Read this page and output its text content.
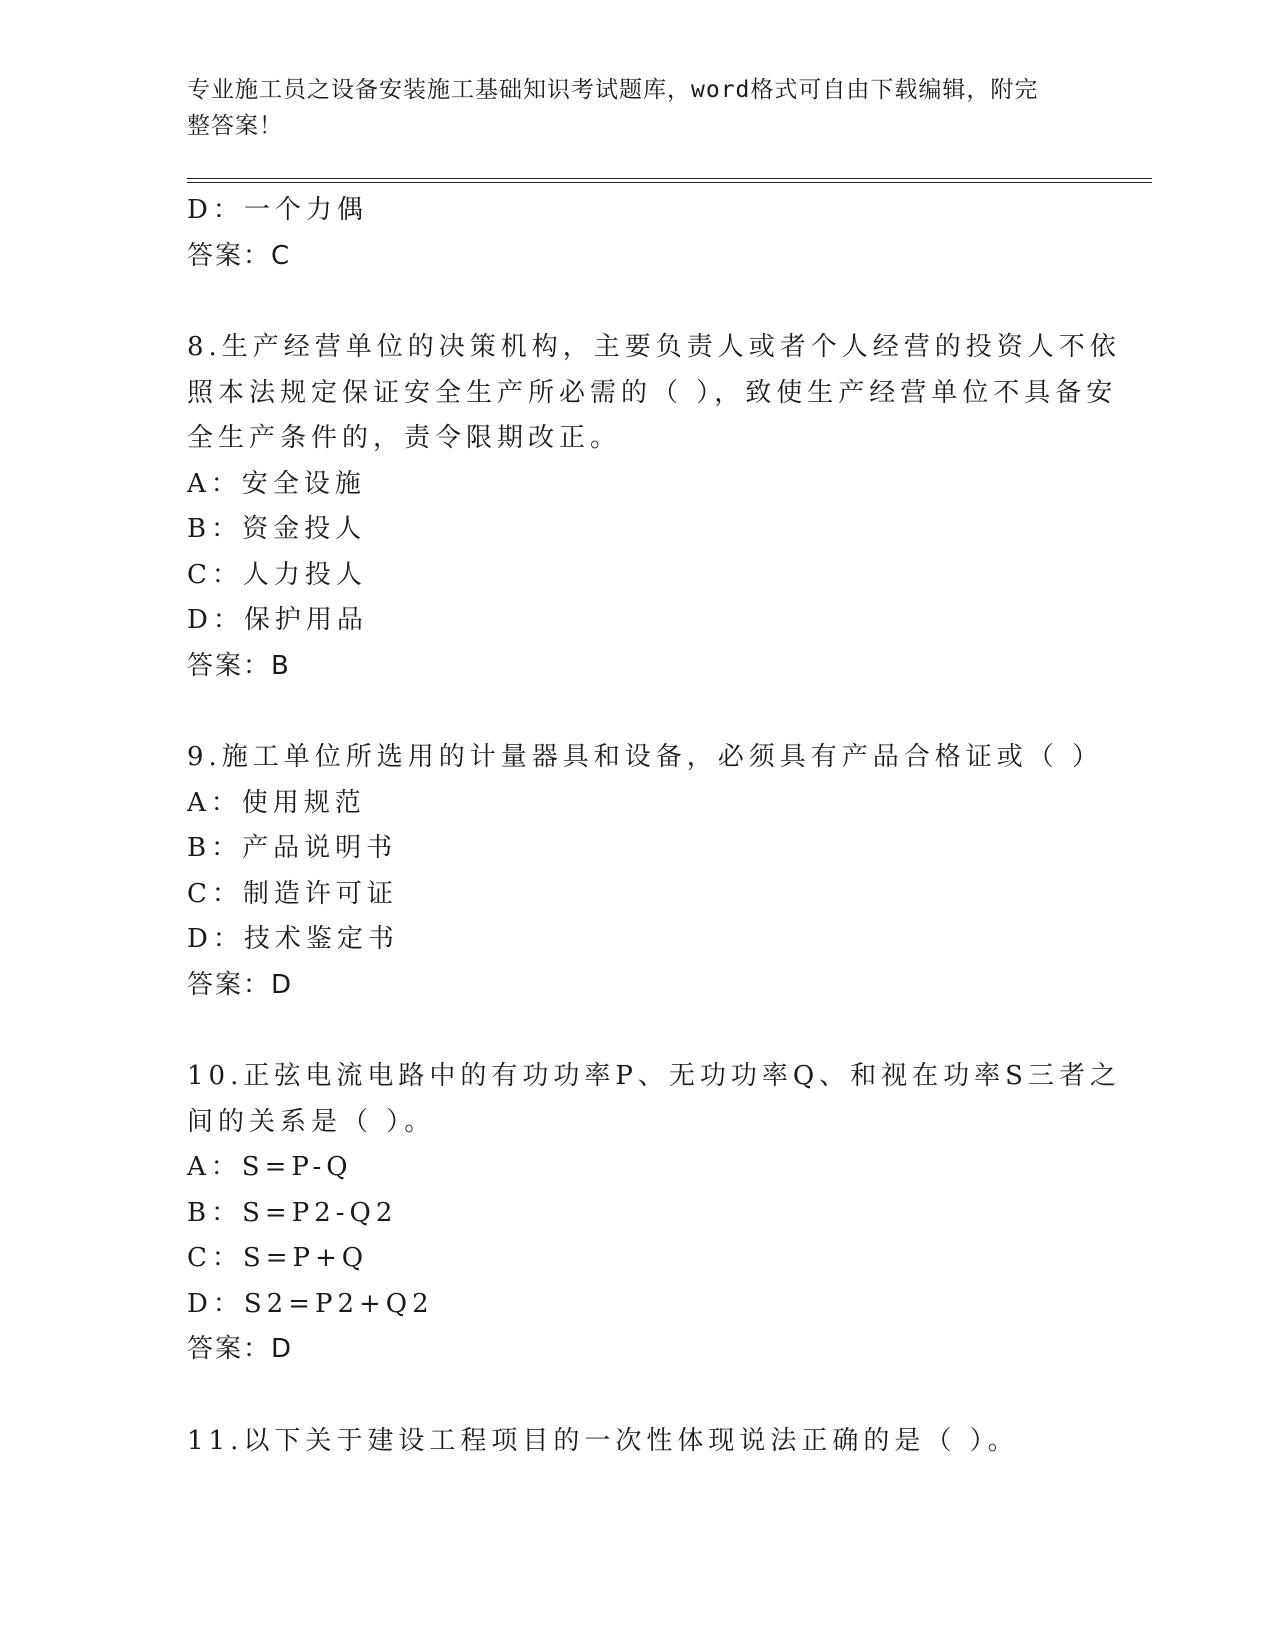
专业施工员之设备安装施工基础知识考试题库，word格式可自由下载编辑，附完
整答案！
D：一个力偶
答案：C
8.生产经营单位的决策机构，主要负责人或者个人经营的投资人不依
照本法规定保证安全生产所必需的（ ），致使生产经营单位不具备安
全生产条件的，责令限期改正。
A：安全设施
B：资金投人
C：人力投人
D：保护用品
答案：B
9.施工单位所选用的计量器具和设备，必须具有产品合格证或（ ）
A：使用规范
B：产品说明书
C：制造许可证
D：技术鉴定书
答案：D
10.正弦电流电路中的有功功率P、无功功率Q、和视在功率S三者之
间的关系是（ ）。
A：S=P-Q
B：S=P2-Q2
C：S=P+Q
D：S2=P2+Q2
答案：D
11.以下关于建设工程项目的一次性体现说法正确的是（ ）。
